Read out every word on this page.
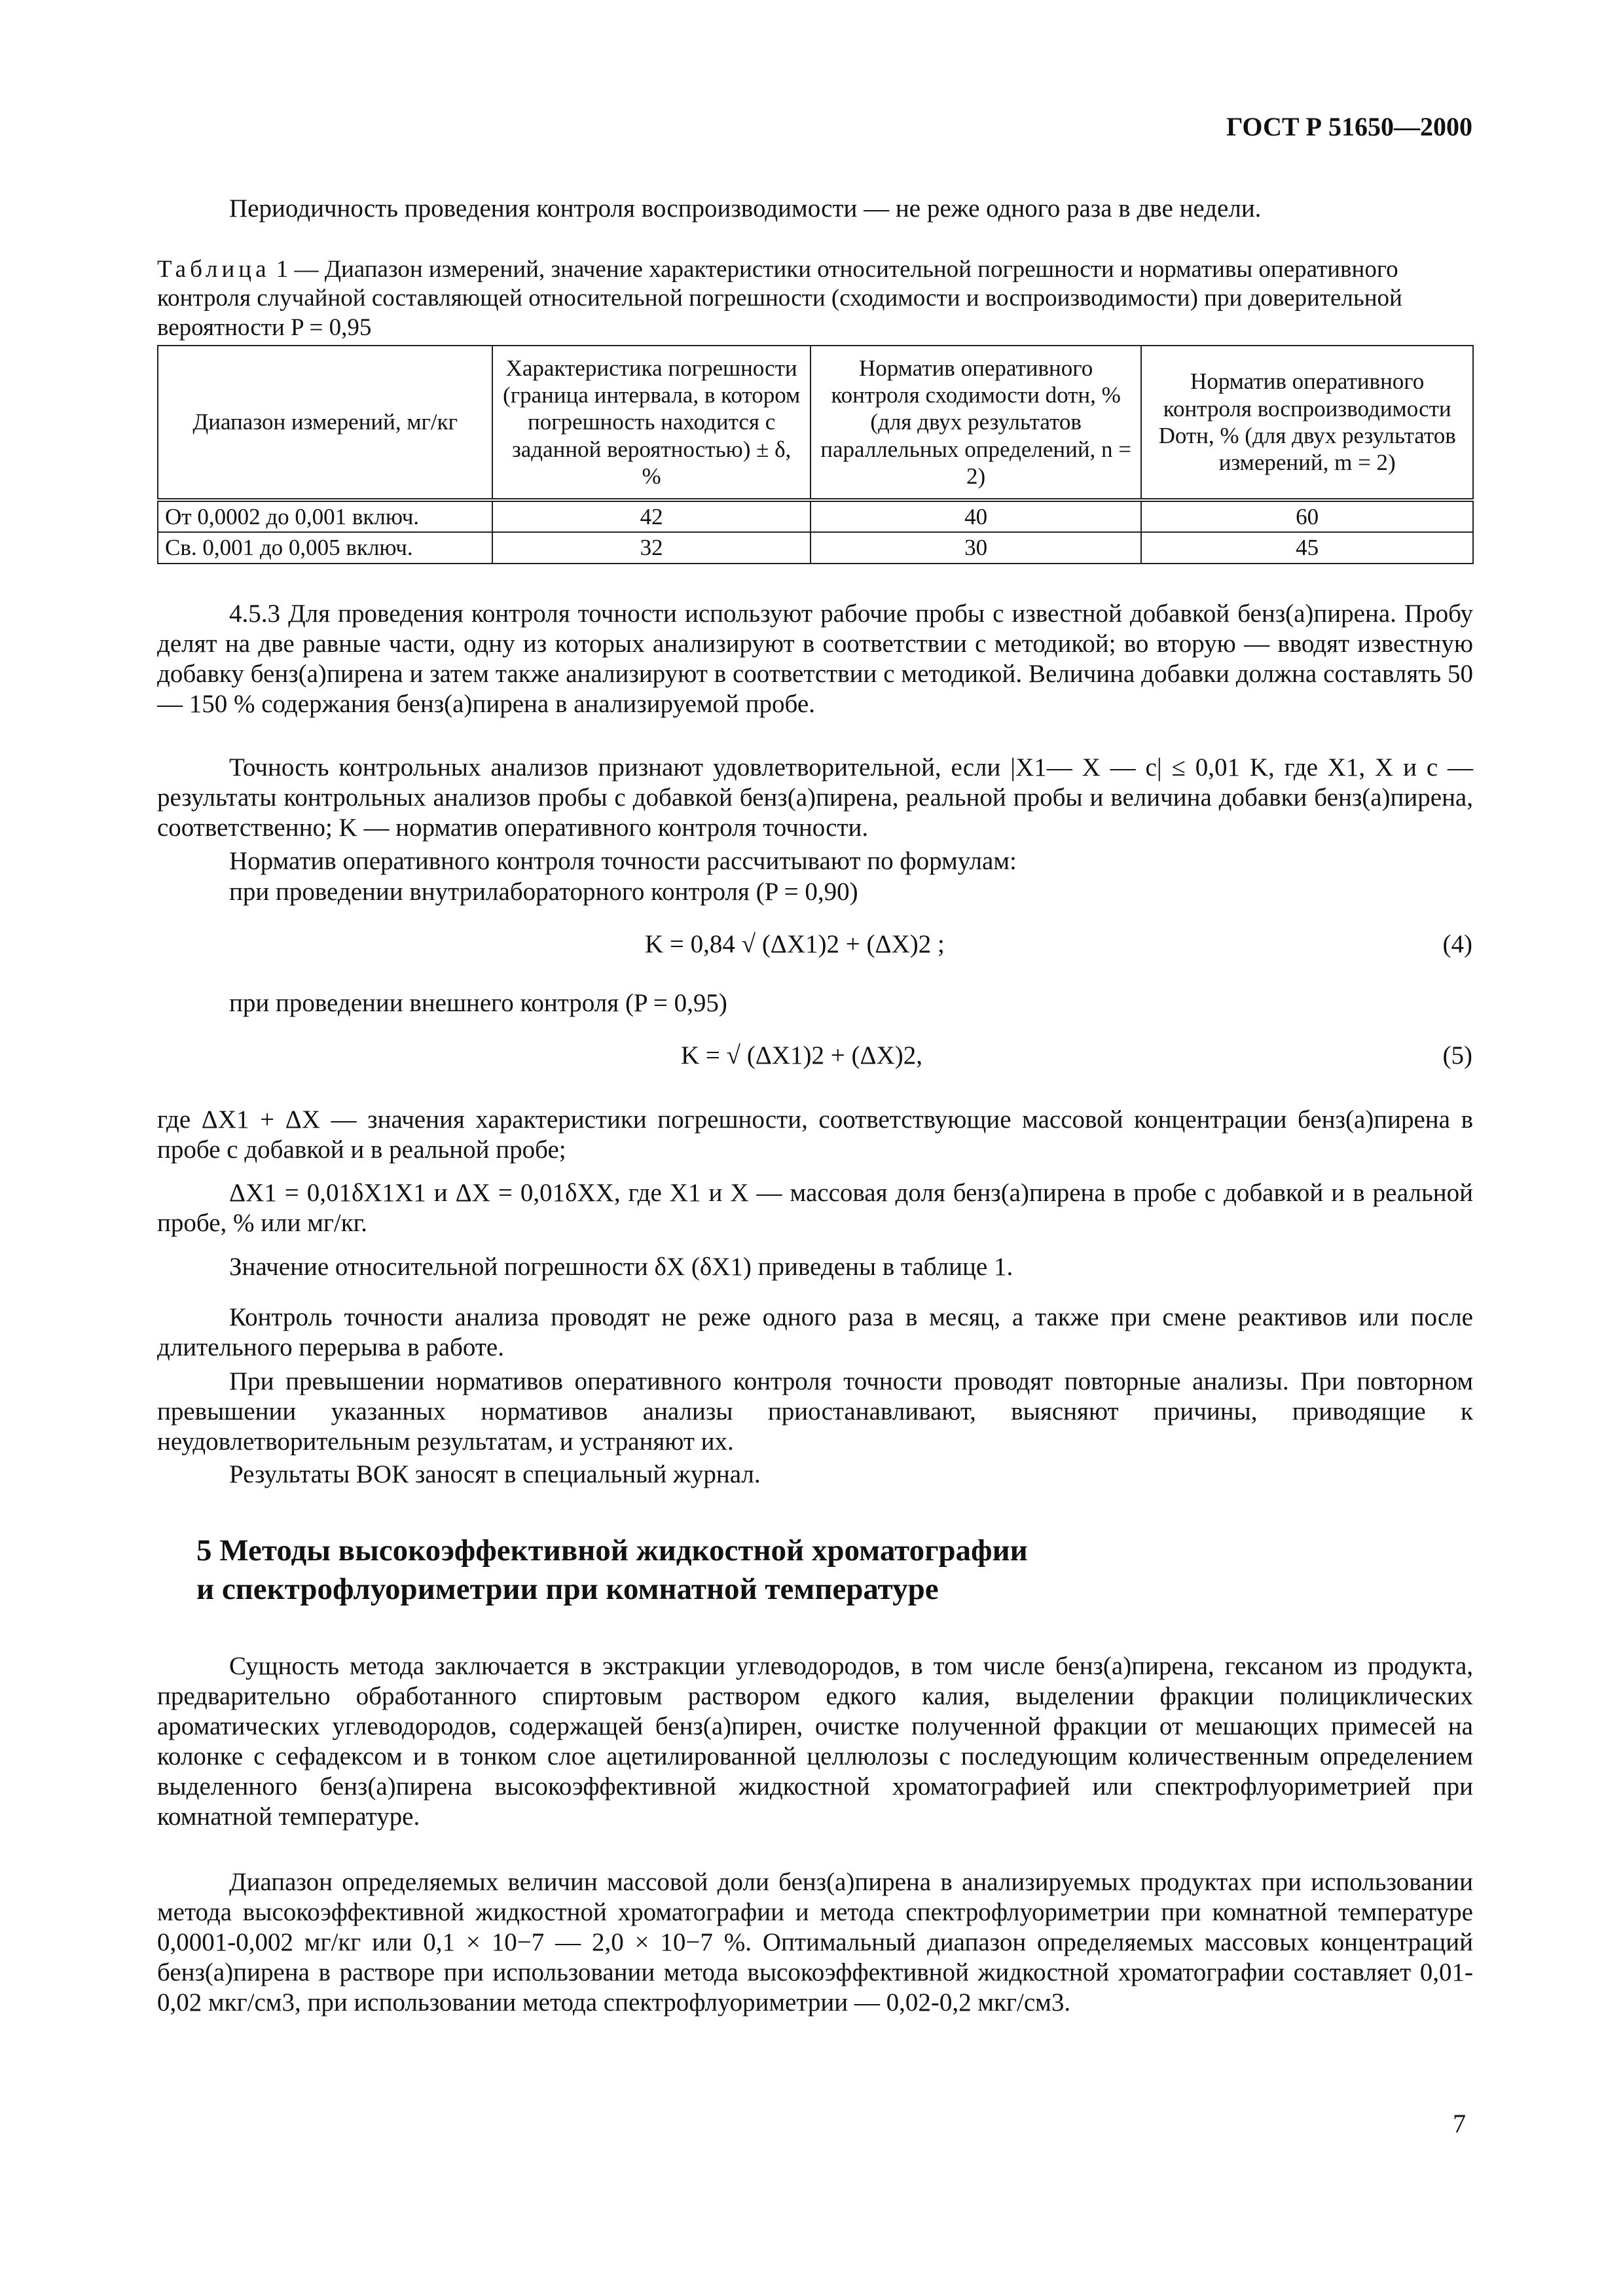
ГОСТ Р 51650—2000

Периодичность проведения контроля воспроизводимости — не реже одного раза в две недели.

Таблица 1 — Диапазон измерений, значение характеристики относительной погрешности и нормативы оперативного контроля случайной составляющей относительной погрешности (сходимости и воспроизводимости) при доверительной вероятности P = 0,95

Диапазон измерений, мг/кг	Характеристика погрешности (граница интервала, в котором погрешность находится с заданной вероятностью) ± δ, %	Норматив оперативного контроля сходимости dотн, % (для двух результатов параллельных определений, n = 2)	Норматив оперативного контроля воспроизводимости Dотн, % (для двух результатов измерений, m = 2)
От 0,0002 до 0,001 включ.	42	40	60
Св. 0,001 до 0,005 включ.	32	30	45

4.5.3 Для проведения контроля точности используют рабочие пробы с известной добавкой бенз(а)пирена. Пробу делят на две равные части, одну из которых анализируют в соответствии с методикой; во вторую — вводят известную добавку бенз(а)пирена и затем также анализируют в соответствии с методикой. Величина добавки должна составлять 50 — 150 % содержания бенз(а)пирена в анализируемой пробе.

Точность контрольных анализов признают удовлетворительной, если |X1— X — c| ≤ 0,01 K, где X1, X и c — результаты контрольных анализов пробы с добавкой бенз(а)пирена, реальной пробы и величина добавки бенз(а)пирена, соответственно; K — норматив оперативного контроля точности.

Норматив оперативного контроля точности рассчитывают по формулам:

при проведении внутрилабораторного контроля (P = 0,90)

K = 0,84 √ (ΔX1)2 + (ΔX)2 ;	(4)

при проведении внешнего контроля (P = 0,95)

K = √ (ΔX1)2 + (ΔX)2,	(5)

где ΔX1 + ΔX — значения характеристики погрешности, соответствующие массовой концентрации бенз(а)пирена в пробе с добавкой и в реальной пробе;

ΔX1 = 0,01δX1X1 и ΔX = 0,01δXX, где X1 и X — массовая доля бенз(а)пирена в пробе с добавкой и в реальной пробе, % или мг/кг.

Значение относительной погрешности δX (δX1) приведены в таблице 1.

Контроль точности анализа проводят не реже одного раза в месяц, а также при смене реактивов или после длительного перерыва в работе.

При превышении нормативов оперативного контроля точности проводят повторные анализы. При повторном превышении указанных нормативов анализы приостанавливают, выясняют причины, приводящие к неудовлетворительным результатам, и устраняют их.

Результаты ВОК заносят в специальный журнал.

5 Методы высокоэффективной жидкостной хроматографии
и спектрофлуориметрии при комнатной температуре

Сущность метода заключается в экстракции углеводородов, в том числе бенз(а)пирена, гексаном из продукта, предварительно обработанного спиртовым раствором едкого калия, выделении фракции полициклических ароматических углеводородов, содержащей бенз(а)пирен, очистке полученной фракции от мешающих примесей на колонке с сефадексом и в тонком слое ацетилированной целлюлозы с последующим количественным определением выделенного бенз(а)пирена высокоэффективной жидкостной хроматографией или спектрофлуориметрией при комнатной температуре.

Диапазон определяемых величин массовой доли бенз(а)пирена в анализируемых продуктах при использовании метода высокоэффективной жидкостной хроматографии и метода спектрофлуориметрии при комнатной температуре 0,0001-0,002 мг/кг или 0,1 × 10−7 — 2,0 × 10−7 %. Оптимальный диапазон определяемых массовых концентраций бенз(а)пирена в растворе при использовании метода высокоэффективной жидкостной хроматографии составляет 0,01-0,02 мкг/см3, при использовании метода спектрофлуориметрии — 0,02-0,2 мкг/см3.

7
